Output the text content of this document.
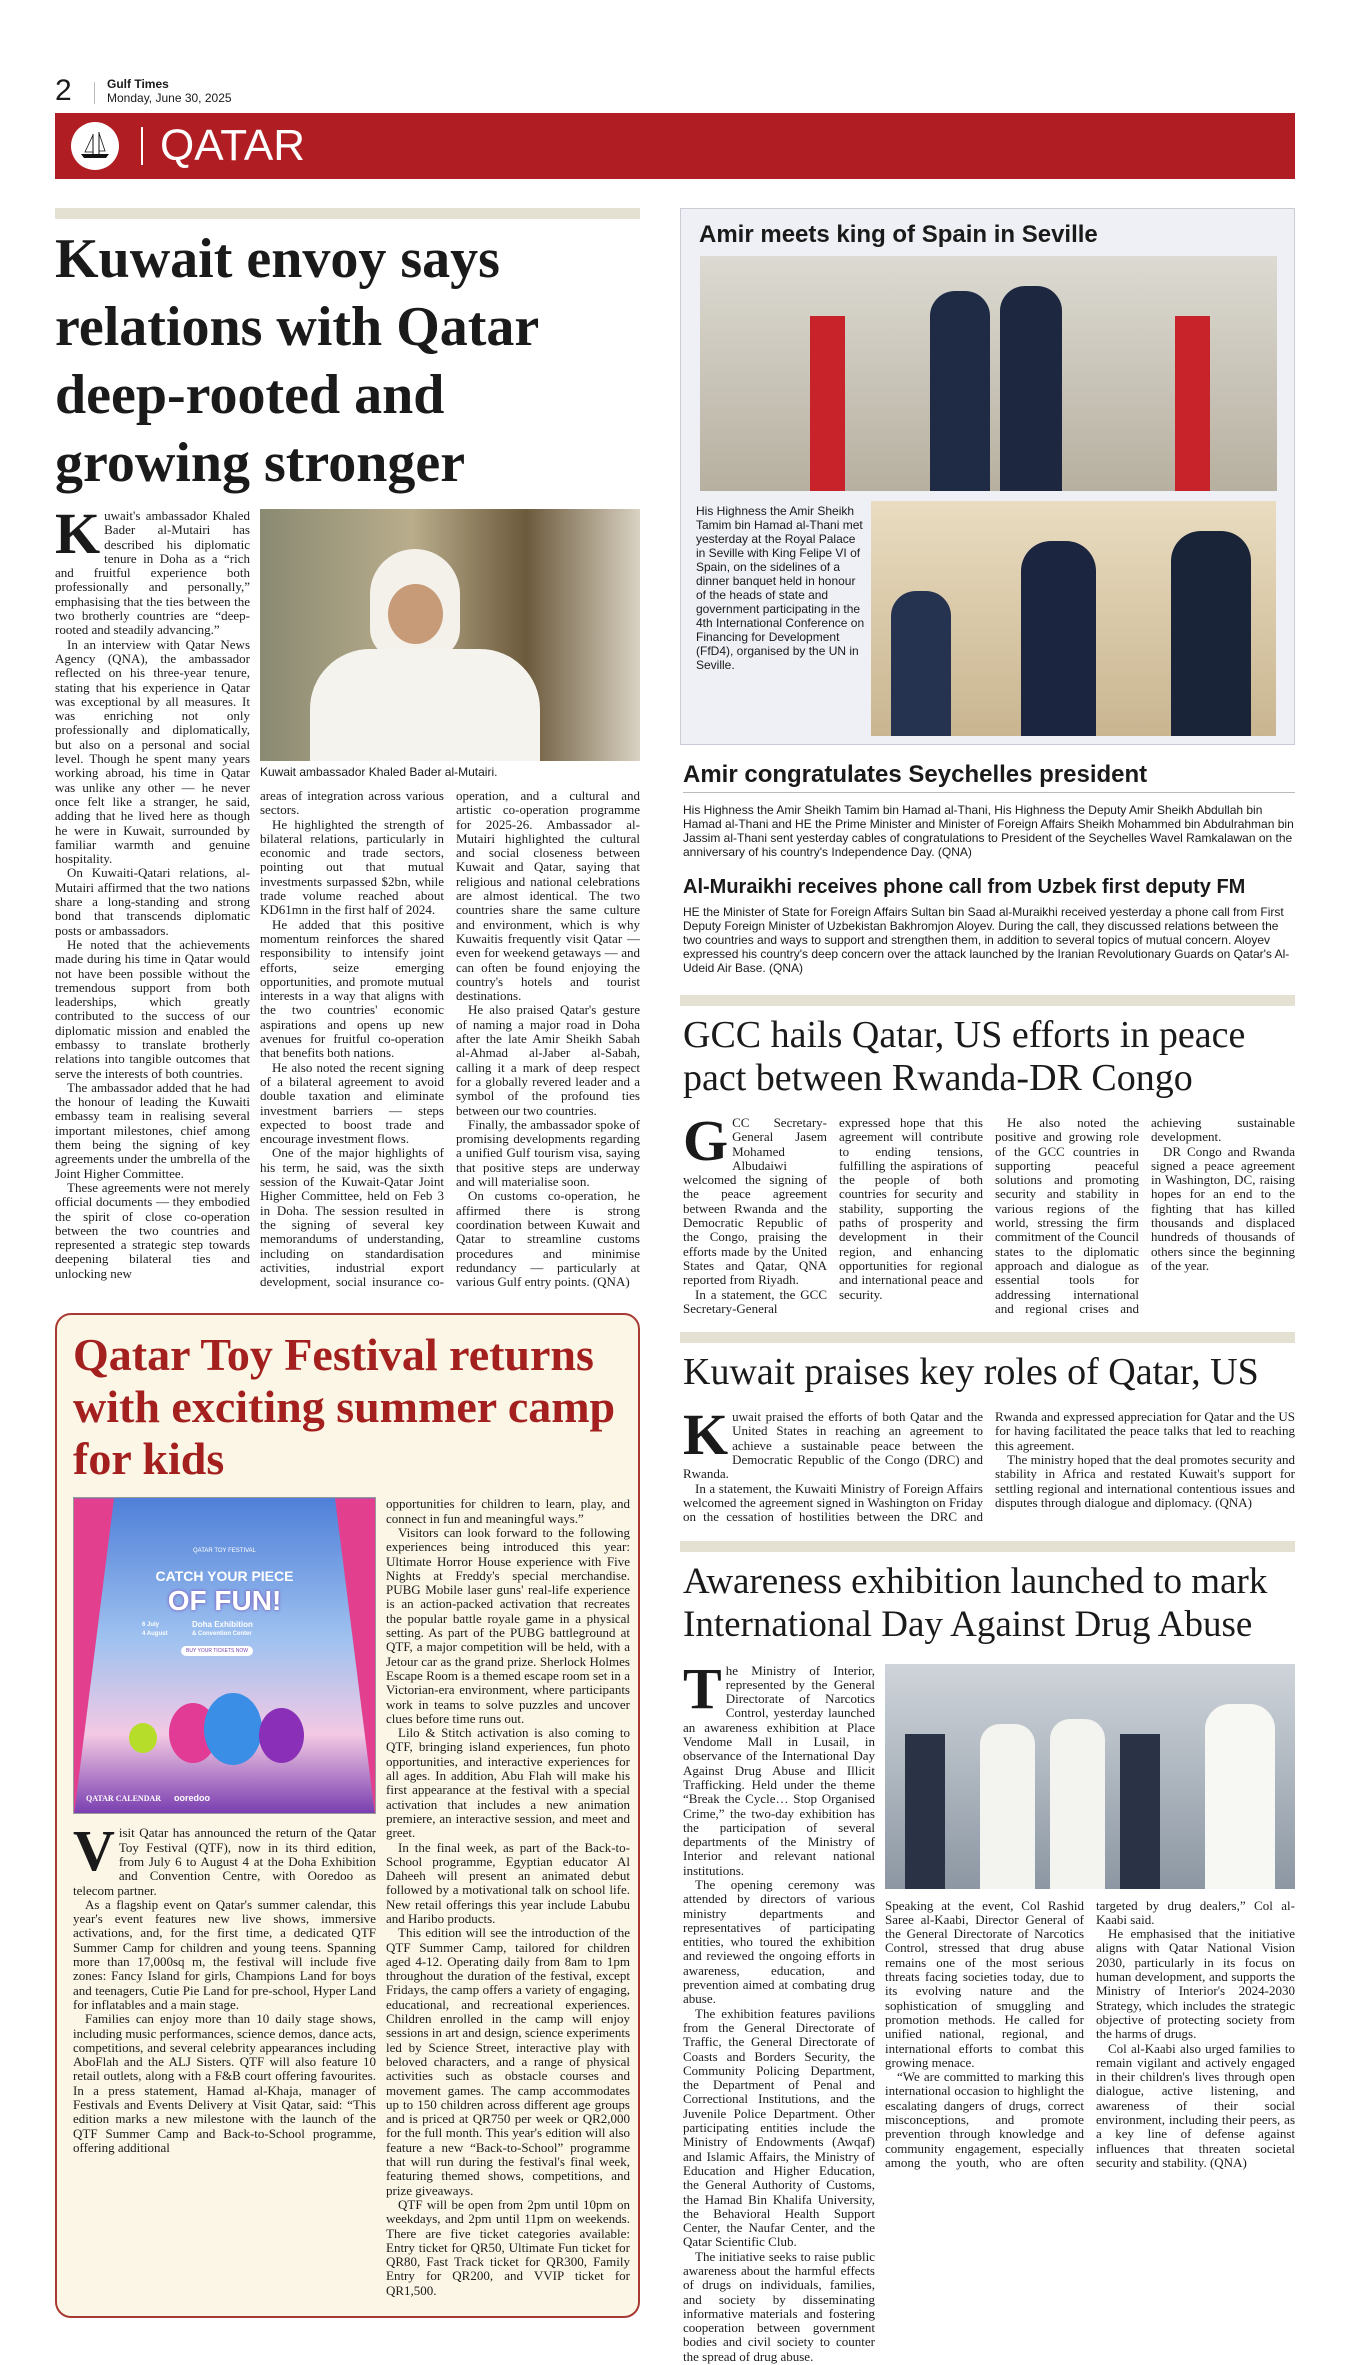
2	Gulf Times
Monday, June 30, 2025
QATAR
Kuwait envoy says relations with Qatar deep-rooted and growing stronger

Kuwait's ambassador Khaled Bader al-Mutairi has described his diplomatic tenure in Doha as a “rich and fruitful experience both professionally and personally,” emphasising that the ties between the two brotherly countries are “deep-rooted and steadily advancing.”

In an interview with Qatar News Agency (QNA), the ambassador reflected on his three-year tenure, stating that his experience in Qatar was exceptional by all measures. It was enriching not only professionally and diplomatically, but also on a personal and social level. Though he spent many years working abroad, his time in Qatar was unlike any other — he never once felt like a stranger, he said, adding that he lived here as though he were in Kuwait, surrounded by familiar warmth and genuine hospitality.

On Kuwaiti-Qatari relations, al-Mutairi affirmed that the two nations share a long-standing and strong bond that transcends diplomatic posts or ambassadors.

He noted that the achievements made during his time in Qatar would not have been possible without the tremendous support from both leaderships, which greatly contributed to the success of our diplomatic mission and enabled the embassy to translate brotherly relations into tangible outcomes that serve the interests of both countries.

The ambassador added that he had the honour of leading the Kuwaiti embassy team in realising several important milestones, chief among them being the signing of key agreements under the umbrella of the Joint Higher Committee.

These agreements were not merely official documents — they embodied the spirit of close co-operation between the two countries and represented a strategic step towards deepening bilateral ties and unlocking new

Kuwait ambassador Khaled Bader al-Mutairi.

areas of integration across various sectors.

He highlighted the strength of bilateral relations, particularly in economic and trade sectors, pointing out that mutual investments surpassed $2bn, while trade volume reached about KD61mn in the first half of 2024.

He added that this positive momentum reinforces the shared responsibility to intensify joint efforts, seize emerging opportunities, and promote mutual interests in a way that aligns with the two countries' economic aspirations and opens up new avenues for fruitful co-operation that benefits both nations.

He also noted the recent signing of a bilateral agreement to avoid double taxation and eliminate investment barriers — steps expected to boost trade and encourage investment flows.

One of the major highlights of his term, he said, was the sixth session of the Kuwait-Qatar Joint Higher Committee, held on Feb 3 in Doha. The session resulted in the signing of several key memorandums of understanding, including on standardisation activities, industrial export development, social insurance co-operation, and a cultural and artistic co-operation programme for 2025-26. Ambassador al-Mutairi highlighted the cultural and social closeness between Kuwait and Qatar, saying that religious and national celebrations are almost identical. The two countries share the same culture and environment, which is why Kuwaitis frequently visit Qatar — even for weekend getaways — and can often be found enjoying the country's hotels and tourist destinations.

He also praised Qatar's gesture of naming a major road in Doha after the late Amir Sheikh Sabah al-Ahmad al-Jaber al-Sabah, calling it a mark of deep respect for a globally revered leader and a symbol of the profound ties between our two countries.

Finally, the ambassador spoke of promising developments regarding a unified Gulf tourism visa, saying that positive steps are underway and will materialise soon.

On customs co-operation, he affirmed there is strong coordination between Kuwait and Qatar to streamline customs procedures and minimise redundancy — particularly at various Gulf entry points. (QNA)

Qatar Toy Festival returns with exciting summer camp for kids
QATAR TOY FESTIVAL
CATCH YOUR PIECE
OF FUN!
6 July
4 August
Doha Exhibition
& Convention Center
BUY YOUR TICKETS NOW
QATAR CALENDAR ooredoo

Visit Qatar has announced the return of the Qatar Toy Festival (QTF), now in its third edition, from July 6 to August 4 at the Doha Exhibition and Convention Centre, with Ooredoo as telecom partner.

As a flagship event on Qatar's summer calendar, this year's event features new live shows, immersive activations, and, for the first time, a dedicated QTF Summer Camp for children and young teens. Spanning more than 17,000sq m, the festival will include five zones: Fancy Island for girls, Champions Land for boys and teenagers, Cutie Pie Land for pre-school, Hyper Land for inflatables and a main stage.

Families can enjoy more than 10 daily stage shows, including music performances, science demos, dance acts, competitions, and several celebrity appearances including AboFlah and the ALJ Sisters. QTF will also feature 10 retail outlets, along with a F&B court offering favourites. In a press statement, Hamad al-Khaja, manager of Festivals and Events Delivery at Visit Qatar, said: “This edition marks a new milestone with the launch of the QTF Summer Camp and Back-to-School programme, offering additional

opportunities for children to learn, play, and connect in fun and meaningful ways.”

Visitors can look forward to the following experiences being introduced this year: Ultimate Horror House experience with Five Nights at Freddy's special merchandise. PUBG Mobile laser guns' real-life experience is an action-packed activation that recreates the popular battle royale game in a physical setting. As part of the PUBG battleground at QTF, a major competition will be held, with a Jetour car as the grand prize. Sherlock Holmes Escape Room is a themed escape room set in a Victorian-era environment, where participants work in teams to solve puzzles and uncover clues before time runs out.

Lilo & Stitch activation is also coming to QTF, bringing island experiences, fun photo opportunities, and interactive experiences for all ages. In addition, Abu Flah will make his first appearance at the festival with a special activation that includes a new animation premiere, an interactive session, and meet and greet.

In the final week, as part of the Back-to-School programme, Egyptian educator Al Daheeh will present an animated debut followed by a motivational talk on school life. New retail offerings this year include Labubu and Haribo products.

This edition will see the introduction of the QTF Summer Camp, tailored for children aged 4-12. Operating daily from 8am to 1pm throughout the duration of the festival, except Fridays, the camp offers a variety of engaging, educational, and recreational experiences. Children enrolled in the camp will enjoy sessions in art and design, science experiments led by Science Street, interactive play with beloved characters, and a range of physical activities such as obstacle courses and movement games. The camp accommodates up to 150 children across different age groups and is priced at QR750 per week or QR2,000 for the full month. This year's edition will also feature a new “Back-to-School” programme that will run during the festival's final week, featuring themed shows, competitions, and prize giveaways.

QTF will be open from 2pm until 10pm on weekdays, and 2pm until 11pm on weekends. There are five ticket categories available: Entry ticket for QR50, Ultimate Fun ticket for QR80, Fast Track ticket for QR300, Family Entry for QR200, and VVIP ticket for QR1,500.

Amir meets king of Spain in Seville
His Highness the Amir Sheikh Tamim bin Hamad al-Thani met yesterday at the Royal Palace in Seville with King Felipe VI of Spain, on the sidelines of a dinner banquet held in honour of the heads of state and government participating in the 4th International Conference on Financing for Development (FfD4), organised by the UN in Seville.
Amir congratulates Seychelles president

His Highness the Amir Sheikh Tamim bin Hamad al-Thani, His Highness the Deputy Amir Sheikh Abdullah bin Hamad al-Thani and HE the Prime Minister and Minister of Foreign Affairs Sheikh Mohammed bin Abdulrahman bin Jassim al-Thani sent yesterday cables of congratulations to President of the Seychelles Wavel Ramkalawan on the anniversary of his country's Independence Day. (QNA)

Al-Muraikhi receives phone call from Uzbek first deputy FM

HE the Minister of State for Foreign Affairs Sultan bin Saad al-Muraikhi received yesterday a phone call from First Deputy Foreign Minister of Uzbekistan Bakhromjon Aloyev. During the call, they discussed relations between the two countries and ways to support and strengthen them, in addition to several topics of mutual concern. Aloyev expressed his country's deep concern over the attack launched by the Iranian Revolutionary Guards on Qatar's Al-Udeid Air Base. (QNA)

GCC hails Qatar, US efforts in peace pact between Rwanda-DR Congo

GCC Secretary-General Jasem Mohamed Albudaiwi welcomed the signing of the peace agreement between Rwanda and the Democratic Republic of the Congo, praising the efforts made by the United States and Qatar, QNA reported from Riyadh.

In a statement, the GCC Secretary-General expressed hope that this agreement will contribute to ending tensions, fulfilling the aspirations of the people of both countries for security and stability, supporting the paths of prosperity and development in their region, and enhancing opportunities for regional and international peace and security.

He also noted the positive and growing role of the GCC countries in supporting peaceful solutions and promoting security and stability in various regions of the world, stressing the firm commitment of the Council states to the diplomatic approach and dialogue as essential tools for addressing international and regional crises and achieving sustainable development.

DR Congo and Rwanda signed a peace agreement in Washington, DC, raising hopes for an end to the fighting that has killed thousands and displaced hundreds of thousands of others since the beginning of the year.

Kuwait praises key roles of Qatar, US

Kuwait praised the efforts of both Qatar and the United States in reaching an agreement to achieve a sustainable peace between the Democratic Republic of the Congo (DRC) and Rwanda.

In a statement, the Kuwaiti Ministry of Foreign Affairs welcomed the agreement signed in Washington on Friday on the cessation of hostilities between the DRC and Rwanda and expressed appreciation for Qatar and the US for having facilitated the peace talks that led to reaching this agreement.

The ministry hoped that the deal promotes security and stability in Africa and restated Kuwait's support for settling regional and international contentious issues and disputes through dialogue and diplomacy. (QNA)

Awareness exhibition launched to mark International Day Against Drug Abuse

The Ministry of Interior, represented by the General Directorate of Narcotics Control, yesterday launched an awareness exhibition at Place Vendome Mall in Lusail, in observance of the International Day Against Drug Abuse and Illicit Trafficking. Held under the theme “Break the Cycle… Stop Organised Crime,” the two-day exhibition has the participation of several departments of the Ministry of Interior and relevant national institutions.

The opening ceremony was attended by directors of various ministry departments and representatives of participating entities, who toured the exhibition and reviewed the ongoing efforts in awareness, education, and prevention aimed at combating drug abuse.

The exhibition features pavilions from the General Directorate of Traffic, the General Directorate of Coasts and Borders Security, the Community Policing Department, the Department of Penal and Correctional Institutions, and the Juvenile Police Department. Other participating entities include the Ministry of Endowments (Awqaf) and Islamic Affairs, the Ministry of Education and Higher Education, the General Authority of Customs, the Hamad Bin Khalifa University, the Behavioral Health Support Center, the Naufar Center, and the Qatar Scientific Club.

The initiative seeks to raise public awareness about the harmful effects of drugs on individuals, families, and society by disseminating informative materials and fostering cooperation between government bodies and civil society to counter the spread of drug abuse.

Speaking at the event, Col Rashid Saree al-Kaabi, Director General of the General Directorate of Narcotics Control, stressed that drug abuse remains one of the most serious threats facing societies today, due to its evolving nature and the sophistication of smuggling and promotion methods. He called for unified national, regional, and international efforts to combat this growing menace.

“We are committed to marking this international occasion to highlight the escalating dangers of drugs, correct misconceptions, and promote prevention through knowledge and community engagement, especially among the youth, who are often targeted by drug dealers,” Col al-Kaabi said.

He emphasised that the initiative aligns with Qatar National Vision 2030, particularly in its focus on human development, and supports the Ministry of Interior's 2024-2030 Strategy, which includes the strategic objective of protecting society from the harms of drugs.

Col al-Kaabi also urged families to remain vigilant and actively engaged in their children's lives through open dialogue, active listening, and awareness of their social environment, including their peers, as a key line of defense against influences that threaten societal security and stability. (QNA)
